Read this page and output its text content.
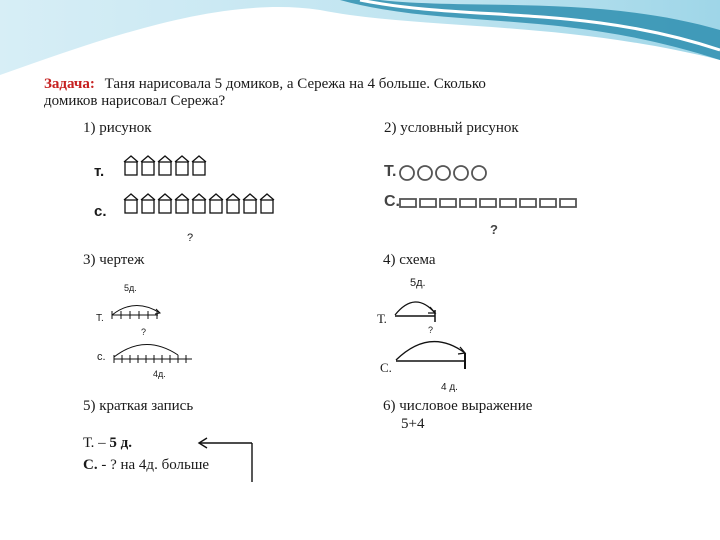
Задача: Таня нарисовала 5 домиков, а Сережа на 4 больше. Сколько
домиков нарисовал Сережа?
1) рисунок	2) условный рисунок
3) чертеж	4) схема
5) краткая запись	6) числовое выражение
т.
с.
?
Т.
С.
?
5д.
Т.
?
с.
4д.
5д.
Т.
?
С.
4 д.
Т. – 5 д.
С. - ? на 4д. больше
5+4
